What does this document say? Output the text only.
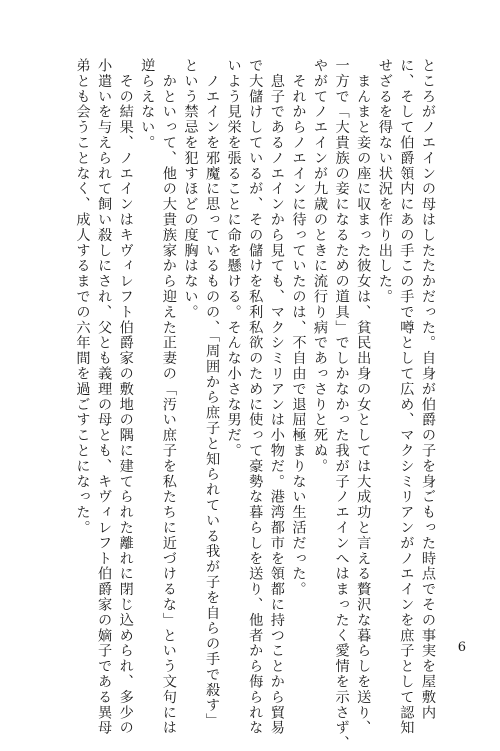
ところがノエインの母はしたたかだった。自身が伯爵の子を身ごもった時点でその事実を屋敷内
に、そして伯爵領内にあの手この手で噂として広め、マクシミリアンがノエインを庶子として認知
せざるを得ない状況を作り出した。
　まんまと妾の座に収まった彼女は、貧民出身の女としては大成功と言える贅沢な暮らしを送り、
一方で「大貴族の妾になるための道具」でしかなかった我が子ノエインへはまったく愛情を示さず、
やがてノエインが九歳のときに流行り病であっさりと死ぬ。
　それからノエインに待っていたのは、不自由で退屈極まりない生活だった。
　息子であるノエインから見ても、マクシミリアンは小物だ。港湾都市を領都に持つことから貿易
で大儲けしているが、その儲けを私利私欲のために使って豪勢な暮らしを送り、他者から侮られな
いよう見栄を張ることに命を懸ける。そんな小さな男だ。
　ノエインを邪魔に思っているものの、「周囲から庶子と知られている我が子を自らの手で殺す」
という禁忌を犯すほどの度胸はない。
　かといって、他の大貴族家から迎えた正妻の「汚い庶子を私たちに近づけるな」という文句には
逆らえない。
　その結果、ノエインはキヴィレフト伯爵家の敷地の隅に建てられた離れに閉じ込められ、多少の
小遣いを与えられて飼い殺しにされ、父とも義理の母とも、キヴィレフト伯爵家の嫡子である異母
弟とも会うことなく、成人するまでの六年間を過ごすことになった。
6
